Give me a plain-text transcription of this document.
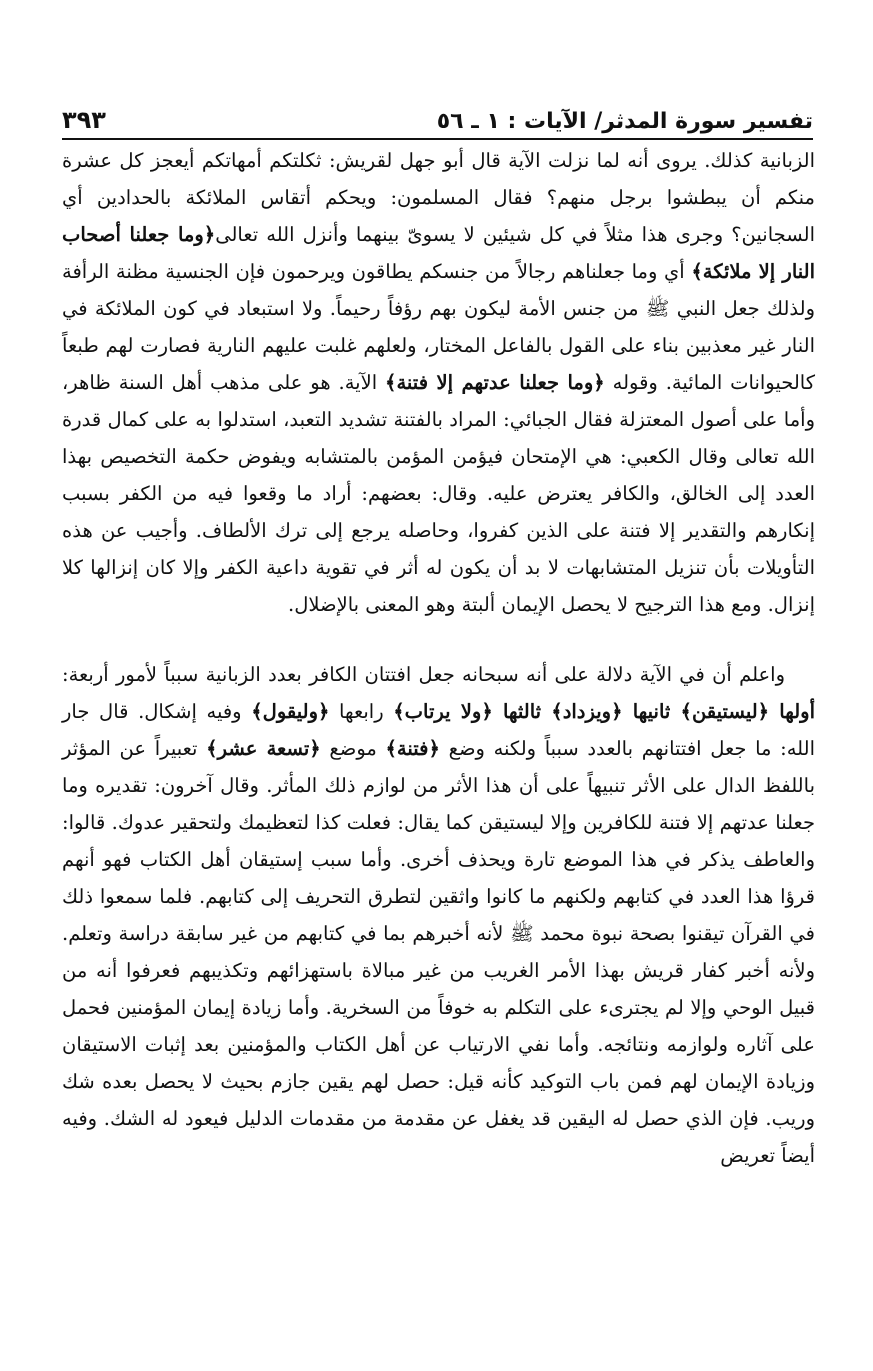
تفسير سورة المدثر/ الآيات : ١ ـ ٥٦
٣٩٣

الزبانية كذلك. يروى أنه لما نزلت الآية قال أبو جهل لقريش: ثكلتكم أمهاتكم أيعجز كل عشرة منكم أن يبطشوا برجل منهم؟ فقال المسلمون: ويحكم أتقاس الملائكة بالحدادين أي السجانين؟ وجرى هذا مثلاً في كل شيئين لا يسوىّ بينهما وأنزل الله تعالى﴿وما جعلنا أصحاب النار إلا ملائكة﴾ أي وما جعلناهم رجالاً من جنسكم يطاقون ويرحمون فإن الجنسية مظنة الرأفة ولذلك جعل النبي ﷺ من جنس الأمة ليكون بهم رؤفاً رحيماً. ولا استبعاد في كون الملائكة في النار غير معذبين بناء على القول بالفاعل المختار، ولعلهم غلبت عليهم النارية فصارت لهم طبعاً كالحيوانات المائية. وقوله ﴿وما جعلنا عدتهم إلا فتنة﴾ الآية. هو على مذهب أهل السنة ظاهر، وأما على أصول المعتزلة فقال الجبائي: المراد بالفتنة تشديد التعبد، استدلوا به على كمال قدرة الله تعالى وقال الكعبي: هي الإمتحان فيؤمن المؤمن بالمتشابه ويفوض حكمة التخصيص بهذا العدد إلى الخالق، والكافر يعترض عليه. وقال: بعضهم: أراد ما وقعوا فيه من الكفر بسبب إنكارهم والتقدير إلا فتنة على الذين كفروا، وحاصله يرجع إلى ترك الألطاف. وأجيب عن هذه التأويلات بأن تنزيل المتشابهات لا بد أن يكون له أثر في تقوية داعية الكفر وإلا كان إنزالها كلا إنزال. ومع هذا الترجيح لا يحصل الإيمان ألبتة وهو المعنى بالإضلال.

واعلم أن في الآية دلالة على أنه سبحانه جعل افتتان الكافر بعدد الزبانية سبباً لأمور أربعة: أولها ﴿ليستيقن﴾ ثانيها ﴿ويزداد﴾ ثالثها ﴿ولا يرتاب﴾ رابعها ﴿وليقول﴾ وفيه إشكال. قال جار الله: ما جعل افتتانهم بالعدد سبباً ولكنه وضع ﴿فتنة﴾ موضع ﴿تسعة عشر﴾ تعبيراً عن المؤثر باللفظ الدال على الأثر تنبيهاً على أن هذا الأثر من لوازم ذلك المأثر. وقال آخرون: تقديره وما جعلنا عدتهم إلا فتنة للكافرين وإلا ليستيقن كما يقال: فعلت كذا لتعظيمك ولتحقير عدوك. قالوا: والعاطف يذكر في هذا الموضع تارة ويحذف أخرى. وأما سبب إستيقان أهل الكتاب فهو أنهم قرؤا هذا العدد في كتابهم ولكنهم ما كانوا واثقين لتطرق التحريف إلى كتابهم. فلما سمعوا ذلك في القرآن تيقنوا بصحة نبوة محمد ﷺ لأنه أخبرهم بما في كتابهم من غير سابقة دراسة وتعلم. ولأنه أخبر كفار قريش بهذا الأمر الغريب من غير مبالاة باستهزائهم وتكذيبهم فعرفوا أنه من قبيل الوحي وإلا لم يجترىء على التكلم به خوفاً من السخرية. وأما زيادة إيمان المؤمنين فحمل على آثاره ولوازمه ونتائجه. وأما نفي الارتياب عن أهل الكتاب والمؤمنين بعد إثبات الاستيقان وزيادة الإيمان لهم فمن باب التوكيد كأنه قيل: حصل لهم يقين جازم بحيث لا يحصل بعده شك وريب. فإن الذي حصل له اليقين قد يغفل عن مقدمة من مقدمات الدليل فيعود له الشك. وفيه أيضاً تعريض
